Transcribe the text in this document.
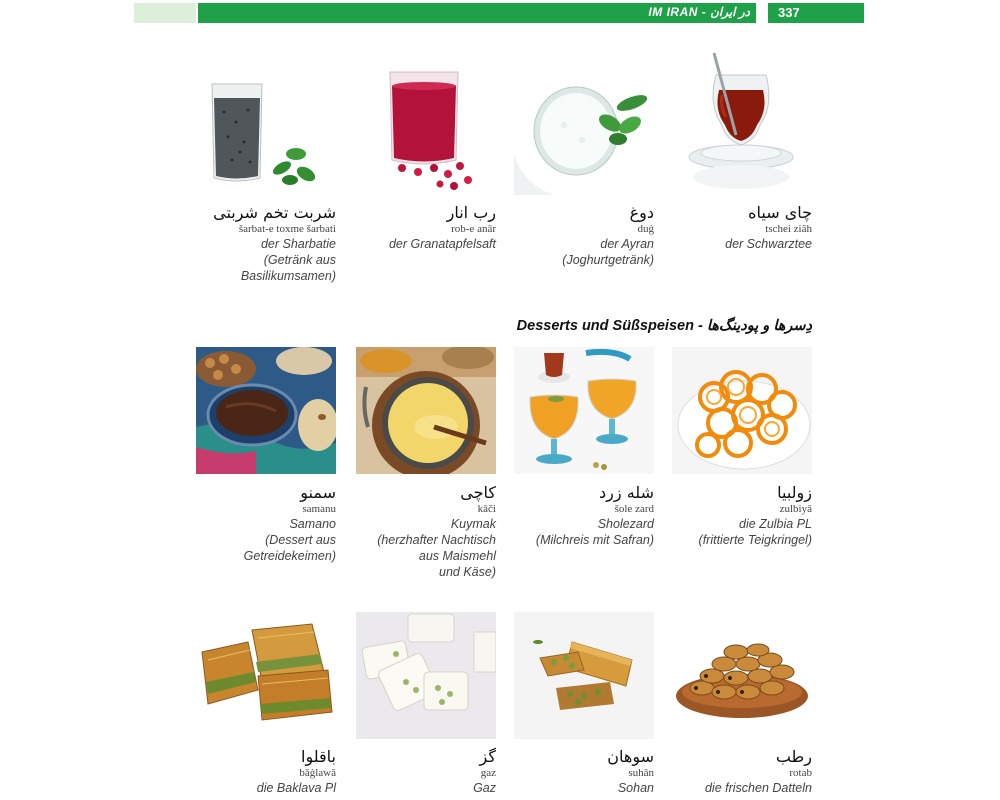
IM IRAN - در ایران 337
چای سیاه
tschei ziâh
der Schwarztee
دوغ
duġ
der Ayran
(Joghurtgetränk)
رب انار
rob-e anār
der Granatapfelsaft
شربت تخم شربتی
šarbat-e toxme šarbati
der Sharbatie
(Getränk aus
Basilikumsamen)
Desserts und Süßspeisen - دِسرها و پودینگ‌ها
زولبیا
zulbiyā
die Zulbia PL
(frittierte Teigkringel)
شله زرد
šole zard
Sholezard
(Milchreis mit Safran)
کاچی
kāči
Kuymak
(herzhafter Nachtisch
aus Maismehl
und Käse)
سمنو
samanu
Samano
(Dessert aus
Getreidekeimen)
رطب
rotab
die frischen Datteln
سوهان
suhān
Sohan
گز
gaz
Gaz
باقلوا
bāġlawā
die Baklava Pl
